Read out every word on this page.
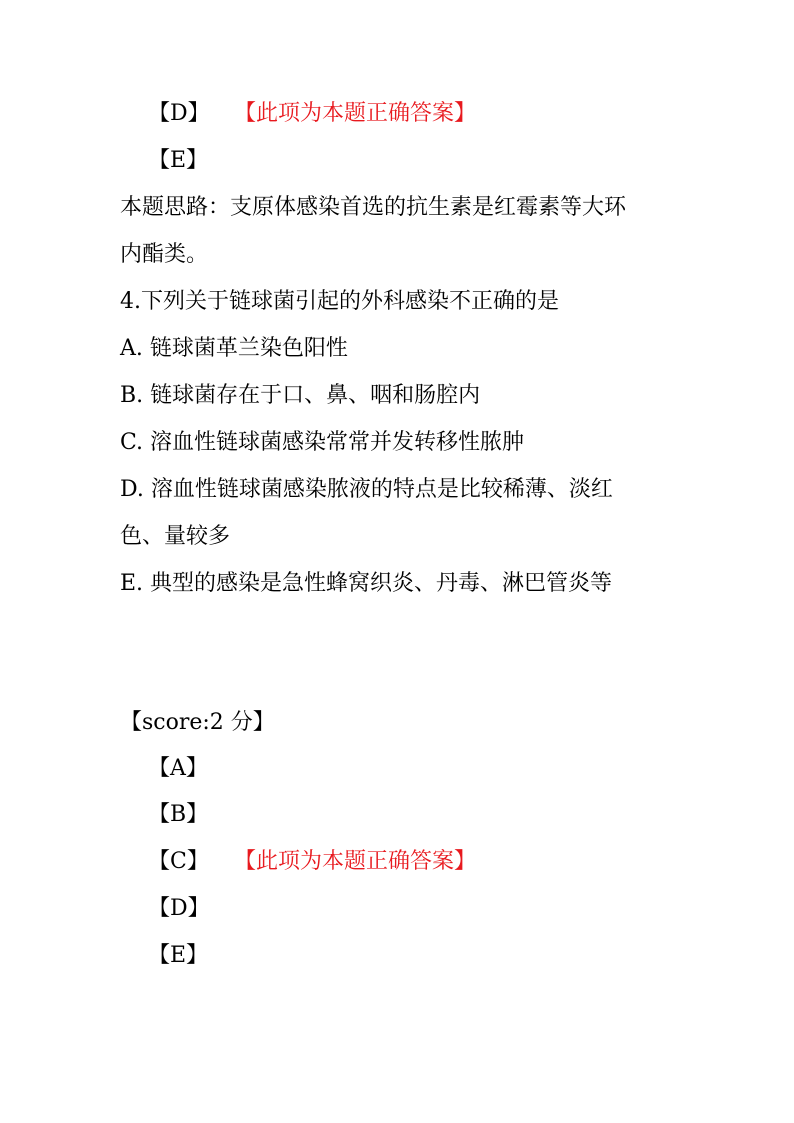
【D】 【此项为本题正确答案】
【E】
本题思路：支原体感染首选的抗生素是红霉素等大环
内酯类。
4.下列关于链球菌引起的外科感染不正确的是
A. 链球菌革兰染色阳性
B. 链球菌存在于口、鼻、咽和肠腔内
C. 溶血性链球菌感染常常并发转移性脓肿
D. 溶血性链球菌感染脓液的特点是比较稀薄、淡红
色、量较多
E. 典型的感染是急性蜂窝织炎、丹毒、淋巴管炎等
【score:2 分】
【A】
【B】
【C】 【此项为本题正确答案】
【D】
【E】
